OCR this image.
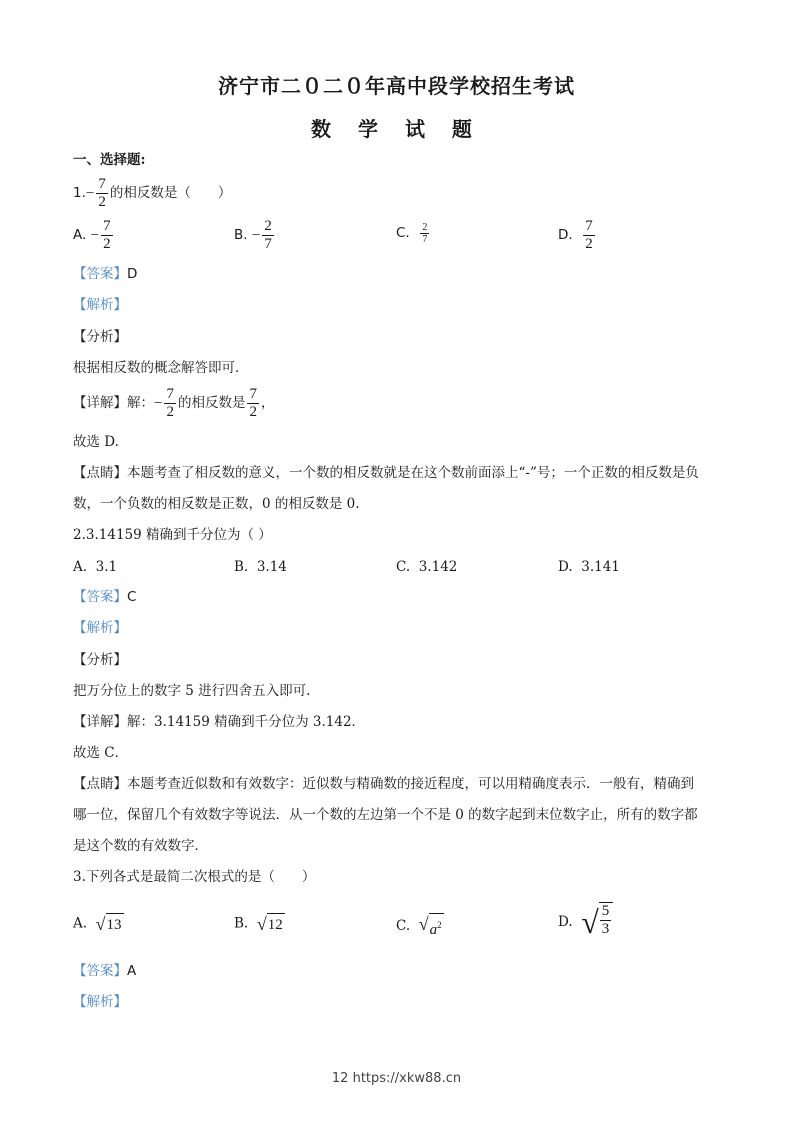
济宁市二０二０年高中段学校招生考试
数 学 试 题
一、选择题:
$1.- \frac{7}{2}$ 的相反数是（　　）
A. − $\frac{7}{2}$	B. − $\frac{2}{7}$	C. $\frac{2}{7}$	D. $\frac{7}{2}$
【答案】D
【解析】
【分析】
根据相反数的概念解答即可．
【详解】解：− $\frac{7}{2}$ 的相反数是 $\frac{7}{2}$ ，
故选 D.
【点睛】本题考查了相反数的意义，一个数的相反数就是在这个数前面添上“-”号；一个正数的相反数是负
数，一个负数的相反数是正数，0 的相反数是 0.
2.3.14159 精确到千分位为（ ）
A. 3.1	B. 3.14	C. 3.142	D. 3.141
【答案】C
【解析】
【分析】
把万分位上的数字 5 进行四舍五入即可.
【详解】解：3.14159 精确到千分位为 3.142．
故选 C．
【点睛】本题考查近似数和有效数字：近似数与精确数的接近程度，可以用精确度表示．一般有，精确到
哪一位，保留几个有效数字等说法．从一个数的左边第一个不是 0 的数字起到末位数字止，所有的数字都
是这个数的有效数字．
3.下列各式是最简二次根式的是（　　）
A. √ 13	B. √ 12	C. √ $a^2$	D. √ $\frac{5}{3}$
【答案】A
【解析】
12 https://xkw88.cn
